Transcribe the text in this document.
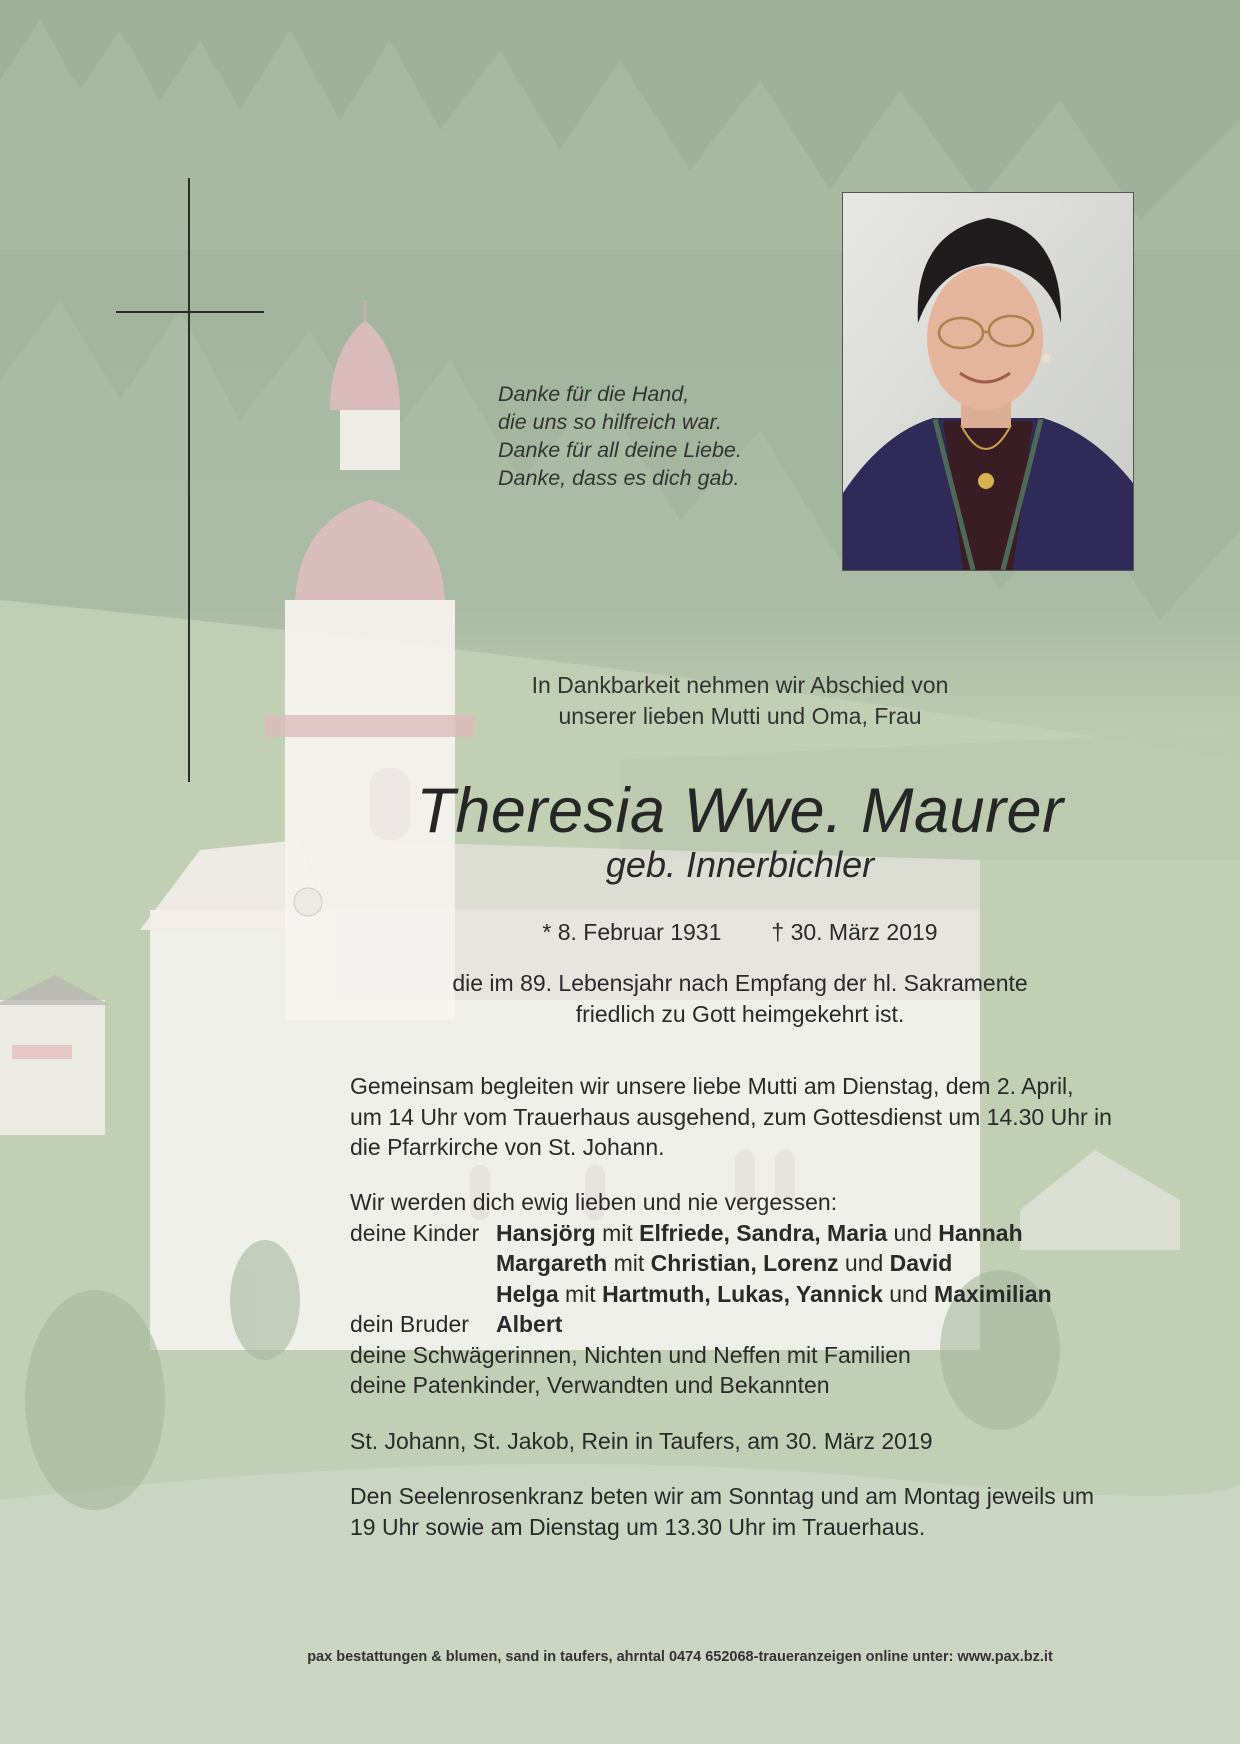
Danke für die Hand,
die uns so hilfreich war.
Danke für all deine Liebe.
Danke, dass es dich gab.
In Dankbarkeit nehmen wir Abschied von
unserer lieben Mutti und Oma, Frau
Theresia Wwe. Maurer
geb. Innerbichler
* 8. Februar 1931 † 30. März 2019
die im 89. Lebensjahr nach Empfang der hl. Sakramente
friedlich zu Gott heimgekehrt ist.
Gemeinsam begleiten wir unsere liebe Mutti am Dienstag, dem 2. April,
um 14 Uhr vom Trauerhaus ausgehend, zum Gottesdienst um 14.30 Uhr in
die Pfarrkirche von St. Johann.
Wir werden dich ewig lieben und nie vergessen:
deine Kinder Hansjörg mit Elfriede, Sandra, Maria und Hannah
Margareth mit Christian, Lorenz und David
Helga mit Hartmuth, Lukas, Yannick und Maximilian
dein Bruder Albert
deine Schwägerinnen, Nichten und Neffen mit Familien
deine Patenkinder, Verwandten und Bekannten
St. Johann, St. Jakob, Rein in Taufers, am 30. März 2019
Den Seelenrosenkranz beten wir am Sonntag und am Montag jeweils um
19 Uhr sowie am Dienstag um 13.30 Uhr im Trauerhaus.
pax bestattungen & blumen, sand in taufers, ahrntal 0474 652068-traueranzeigen online unter: www.pax.bz.it
